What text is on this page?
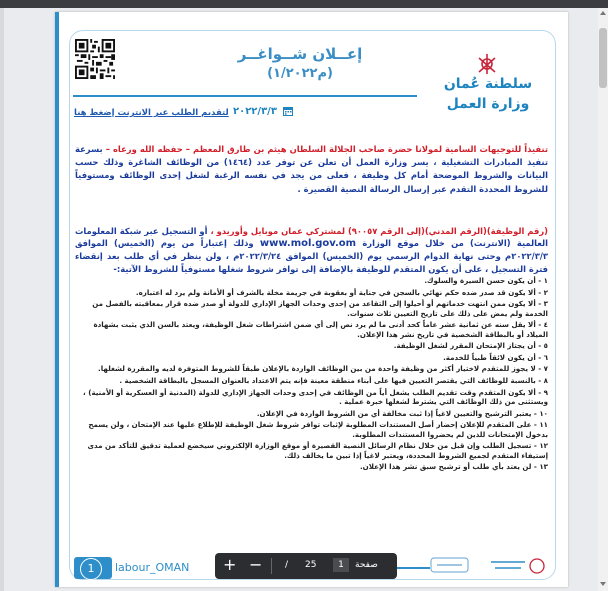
إعــلان شــواغــر
(م١/٢٠٢٢)
سلطنة عُمان
وزارة العمل
لتقديم الطلب عبر الانترنت إضغط هنا ٢٠٢٢/٣/٣
تنفيذاً للتوجيهات السامية لمولانا حضرة صاحب الجلالة السلطان هيثم بن طارق المعظم – حفظه الله ورعاه – بسرعة تنفيذ المبادرات التشغيلية ، يسر وزارة العمل أن تعلن عن توفر عدد (١٤٦٤) من الوظائف الشاغرة وذلك حسب البيانات والشروط الموضحة أمام كل وظيفة ، فعلى من يجد في نفسه الرغبة لشغل إحدى الوظائف ومستوفياً للشروط المحددة التقدم عبر إرسال الرسالة النصية القصيرة .
(رقم الوظيفة)(الرقم المدني)(إلى الرقم ٩٠٠٥٧) لمشتركي عمان موبايل وأوريدو ، أو التسجيل عبر شبكة المعلومات العالمية (الانترنت) من خلال موقع الوزارة www.mol.gov.om وذلك إعتباراً من يوم (الخميس) الموافق ٢٠٢٢/٣/٣م وحتى نهاية الدوام الرسمي يوم (الخميس) الموافق ٢٠٢٢/٣/٢٤م ، ولن ينظر في أي طلب بعد إنقضاء فترة التسجيل ، على أن يكون المتقدم للوظيفة بالإضافة إلى توافر شروط شغلها مستوفياً للشروط الآتية:-
١ - أن يكون حسن السيرة والسلوك.
٢ - ألا يكون قد صدر ضده حكم نهائي بالسجن في جناية أو بعقوبة في جريمة مخلة بالشرف أو الأمانة ولم يرد له اعتباره.
٣ - ألا يكون ممن انتهت خدماتهم أو أحيلوا إلى التقاعد من إحدى وحدات الجهاز الإداري للدولة أو صدر ضده قرار بمعاقبته بالفصل من الخدمة ولم يمض على ذلك على تاريخ التعيين ثلاث سنوات.
٤ - ألا يقل سنه عن ثمانية عشر عاماً كحد أدنى ما لم يرد نص إلى أي ضمن اشتراطات شغل الوظيفة، ويعتد بالسن الذي يثبت بشهادة الميلاد أو بالبطاقة الشخصية في تاريخ نشر هذا الإعلان.
٥ - أن يجتاز الإمتحان المقرر لشغل الوظيفة.
٦ - أن يكون لائقاً طبياً للخدمة.
٧ - لا يجوز للمتقدم لاختيار أكثر من وظيفة واحدة من بين الوظائف الواردة بالإعلان طبقاً للشروط المتوفرة لديه والمقررة لشغلها.
٨ - بالنسبة للوظائف التي يقتصر التعيين فيها على أبناء منطقة معينة فإنه يتم الاعتداد بالعنوان المسجل بالبطاقة الشخصية .
٩ - ألا يكون المتقدم وقت تقديم الطلب يشغل أياً من الوظائف في إحدى وحدات الجهاز الإداري للدولة (المدنية أو العسكرية أو الأمنية) ، ويستثنى من ذلك الوظائف التي يشترط لشغلها خبرة عملية .
١٠ - يعتبر الترشيح والتعيين لاغياً إذا ثبت مخالفة أي من الشروط الواردة في الإعلان.
١١ - على المتقدم للإعلان إحضار أصل المستندات المطلوبة لإثبات توافر شروط شغل الوظيفة للإطلاع عليها عند الإمتحان ، ولن يسمح بدخول الإمتحانات للذين لم يحضروا المستندات المطلوبة.
١٢ - تسجيل الطلب وإن قبل من خلال نظام الرسائل النصية القصيرة أو موقع الوزارة الإلكتروني سيخضع لعملية تدقيق للتأكد من مدى إستيفاء المتقدم لجميع الشروط المحددة، ويعتبر لاغياً إذا تبين ما يخالف ذلك.
١٣ - لن يعتد بأي طلب أو ترشيح سبق نشر هذا الإعلان.
1	labour_OMAN + −	25
/
1	صفحة
